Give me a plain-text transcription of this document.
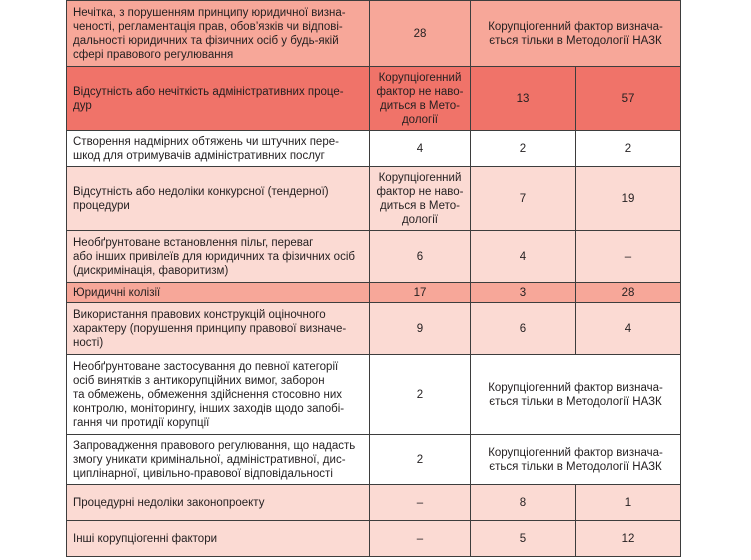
Нечітка, з порушенням принципу юридичної визна-
ченості, регламентація прав, обов’язків чи відпові-
дальності юридичних та фізичних осіб у будь-якій
сфері правового регулювання	28	Корупціогенний фактор визнача-
ється тільки в Методології НАЗК	
Відсутність або нечіткість адміністративних проце-
дур	Корупціогенний
фактор не наво-
диться в Мето-
дології	13	57
Створення надмірних обтяжень чи штучних пере-
шкод для отримувачів адміністративних послуг	4	2	2
Відсутність або недоліки конкурсної (тендерної)
процедури	Корупціогенний
фактор не наво-
диться в Мето-
дології	7	19
Необґрунтоване встановлення пільг, переваг
або інших привілеїв для юридичних та фізичних осіб
(дискримінація, фаворитизм)	6	4	–
Юридичні колізії	17	3	28
Використання правових конструкцій оціночного
характеру (порушення принципу правової визначе-
ності)	9	6	4
Необґрунтоване застосування до певної категорії
осіб винятків з антикорупційних вимог, заборон
та обмежень, обмеження здійснення стосовно них
контролю, моніторингу, інших заходів щодо запобі-
гання чи протидії корупції	2	Корупціогенний фактор визнача-
ється тільки в Методології НАЗК	
Запровадження правового регулювання, що надасть
змогу уникати кримінальної, адміністративної, дис-
циплінарної, цивільно-правової відповідальності	2	Корупціогенний фактор визнача-
ється тільки в Методології НАЗК	
Процедурні недоліки законопроекту	–	8	1
Інші корупціогенні фактори	–	5	12
